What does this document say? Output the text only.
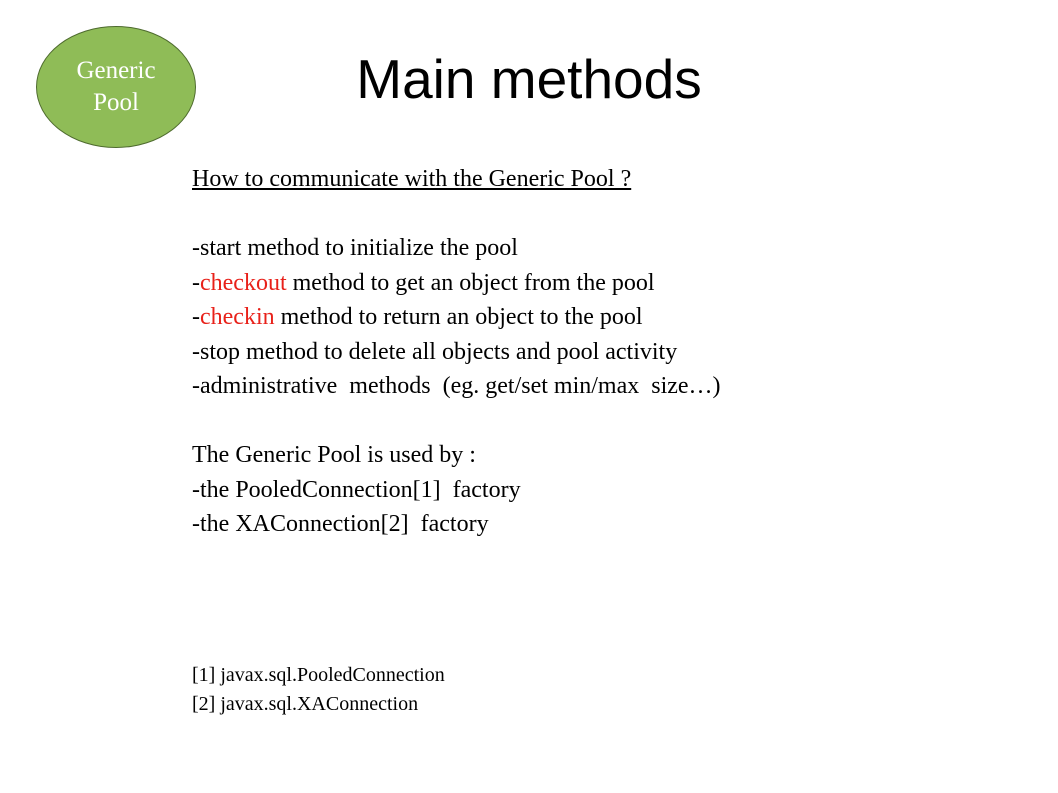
Generic
Pool	Main methods
How to communicate with the Generic Pool ?
-start method to initialize the pool
-checkout method to get an object from the pool
-checkin method to return an object to the pool
-stop method to delete all objects and pool activity
-administrative  methods  (eg. get/set min/max  size…)
The Generic Pool is used by :
-the PooledConnection[1]  factory
-the XAConnection[2]  factory
[1] javax.sql.PooledConnection
[2] javax.sql.XAConnection
